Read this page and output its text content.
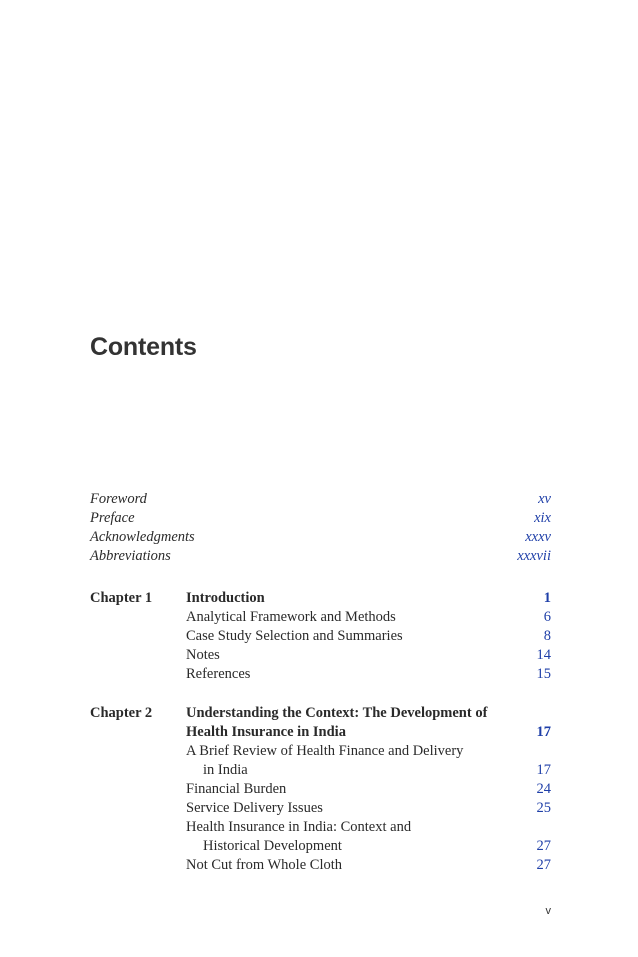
Contents
Foreword	xv
Preface	xix
Acknowledgments	xxxv
Abbreviations	xxxvii
Chapter 1 Introduction	1
Analytical Framework and Methods	6
Case Study Selection and Summaries	8
Notes	14
References	15
Chapter 2 Understanding the Context: The Development of
Health Insurance in India	17
A Brief Review of Health Finance and Delivery
in India	17
Financial Burden	24
Service Delivery Issues	25
Health Insurance in India: Context and
Historical Development	27
Not Cut from Whole Cloth	27
v
